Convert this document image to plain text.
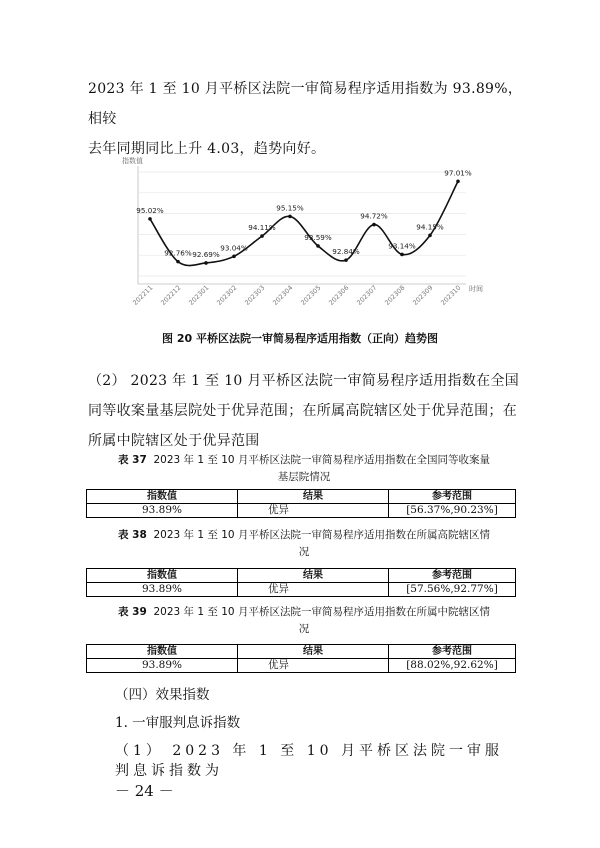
2023 年 1 至 10 月平桥区法院一审简易程序适用指数为 93.89%，相较
去年同期同比上升 4.03，趋势向好。
指数值
95.02%
92.76% 92.69%
93.04%
94.11%
95.15%
93.59%
92.84%
94.72%
93.14%
94.15%
97.01%
202211 202212 202301 202302 202303 202304 202305 202306 202307 202308 202309 202310 时间
图 20 平桥区法院一审简易程序适用指数（正向）趋势图
（2） 2023 年 1 至 10 月平桥区法院一审简易程序适用指数在全国同等收案量基层院处于优异范围；在所属高院辖区处于优异范围；在所属中院辖区处于优异范围
表 37 2023 年 1 至 10 月平桥区法院一审简易程序适用指数在全国同等收案量
基层院情况
指数值	结果	参考范围
93.89%	优异	[56.37%,90.23%]
表 38 2023 年 1 至 10 月平桥区法院一审简易程序适用指数在所属高院辖区情
况
指数值	结果	参考范围
93.89%	优异	[57.56%,92.77%]
表 39 2023 年 1 至 10 月平桥区法院一审简易程序适用指数在所属中院辖区情
况
指数值	结果	参考范围
93.89%	优异	[88.02%,92.62%]
（四）效果指数
1. 一审服判息诉指数
（1） 2023 年 1 至 10 月平桥区法院一审服判息诉指数为
－ 24 －
